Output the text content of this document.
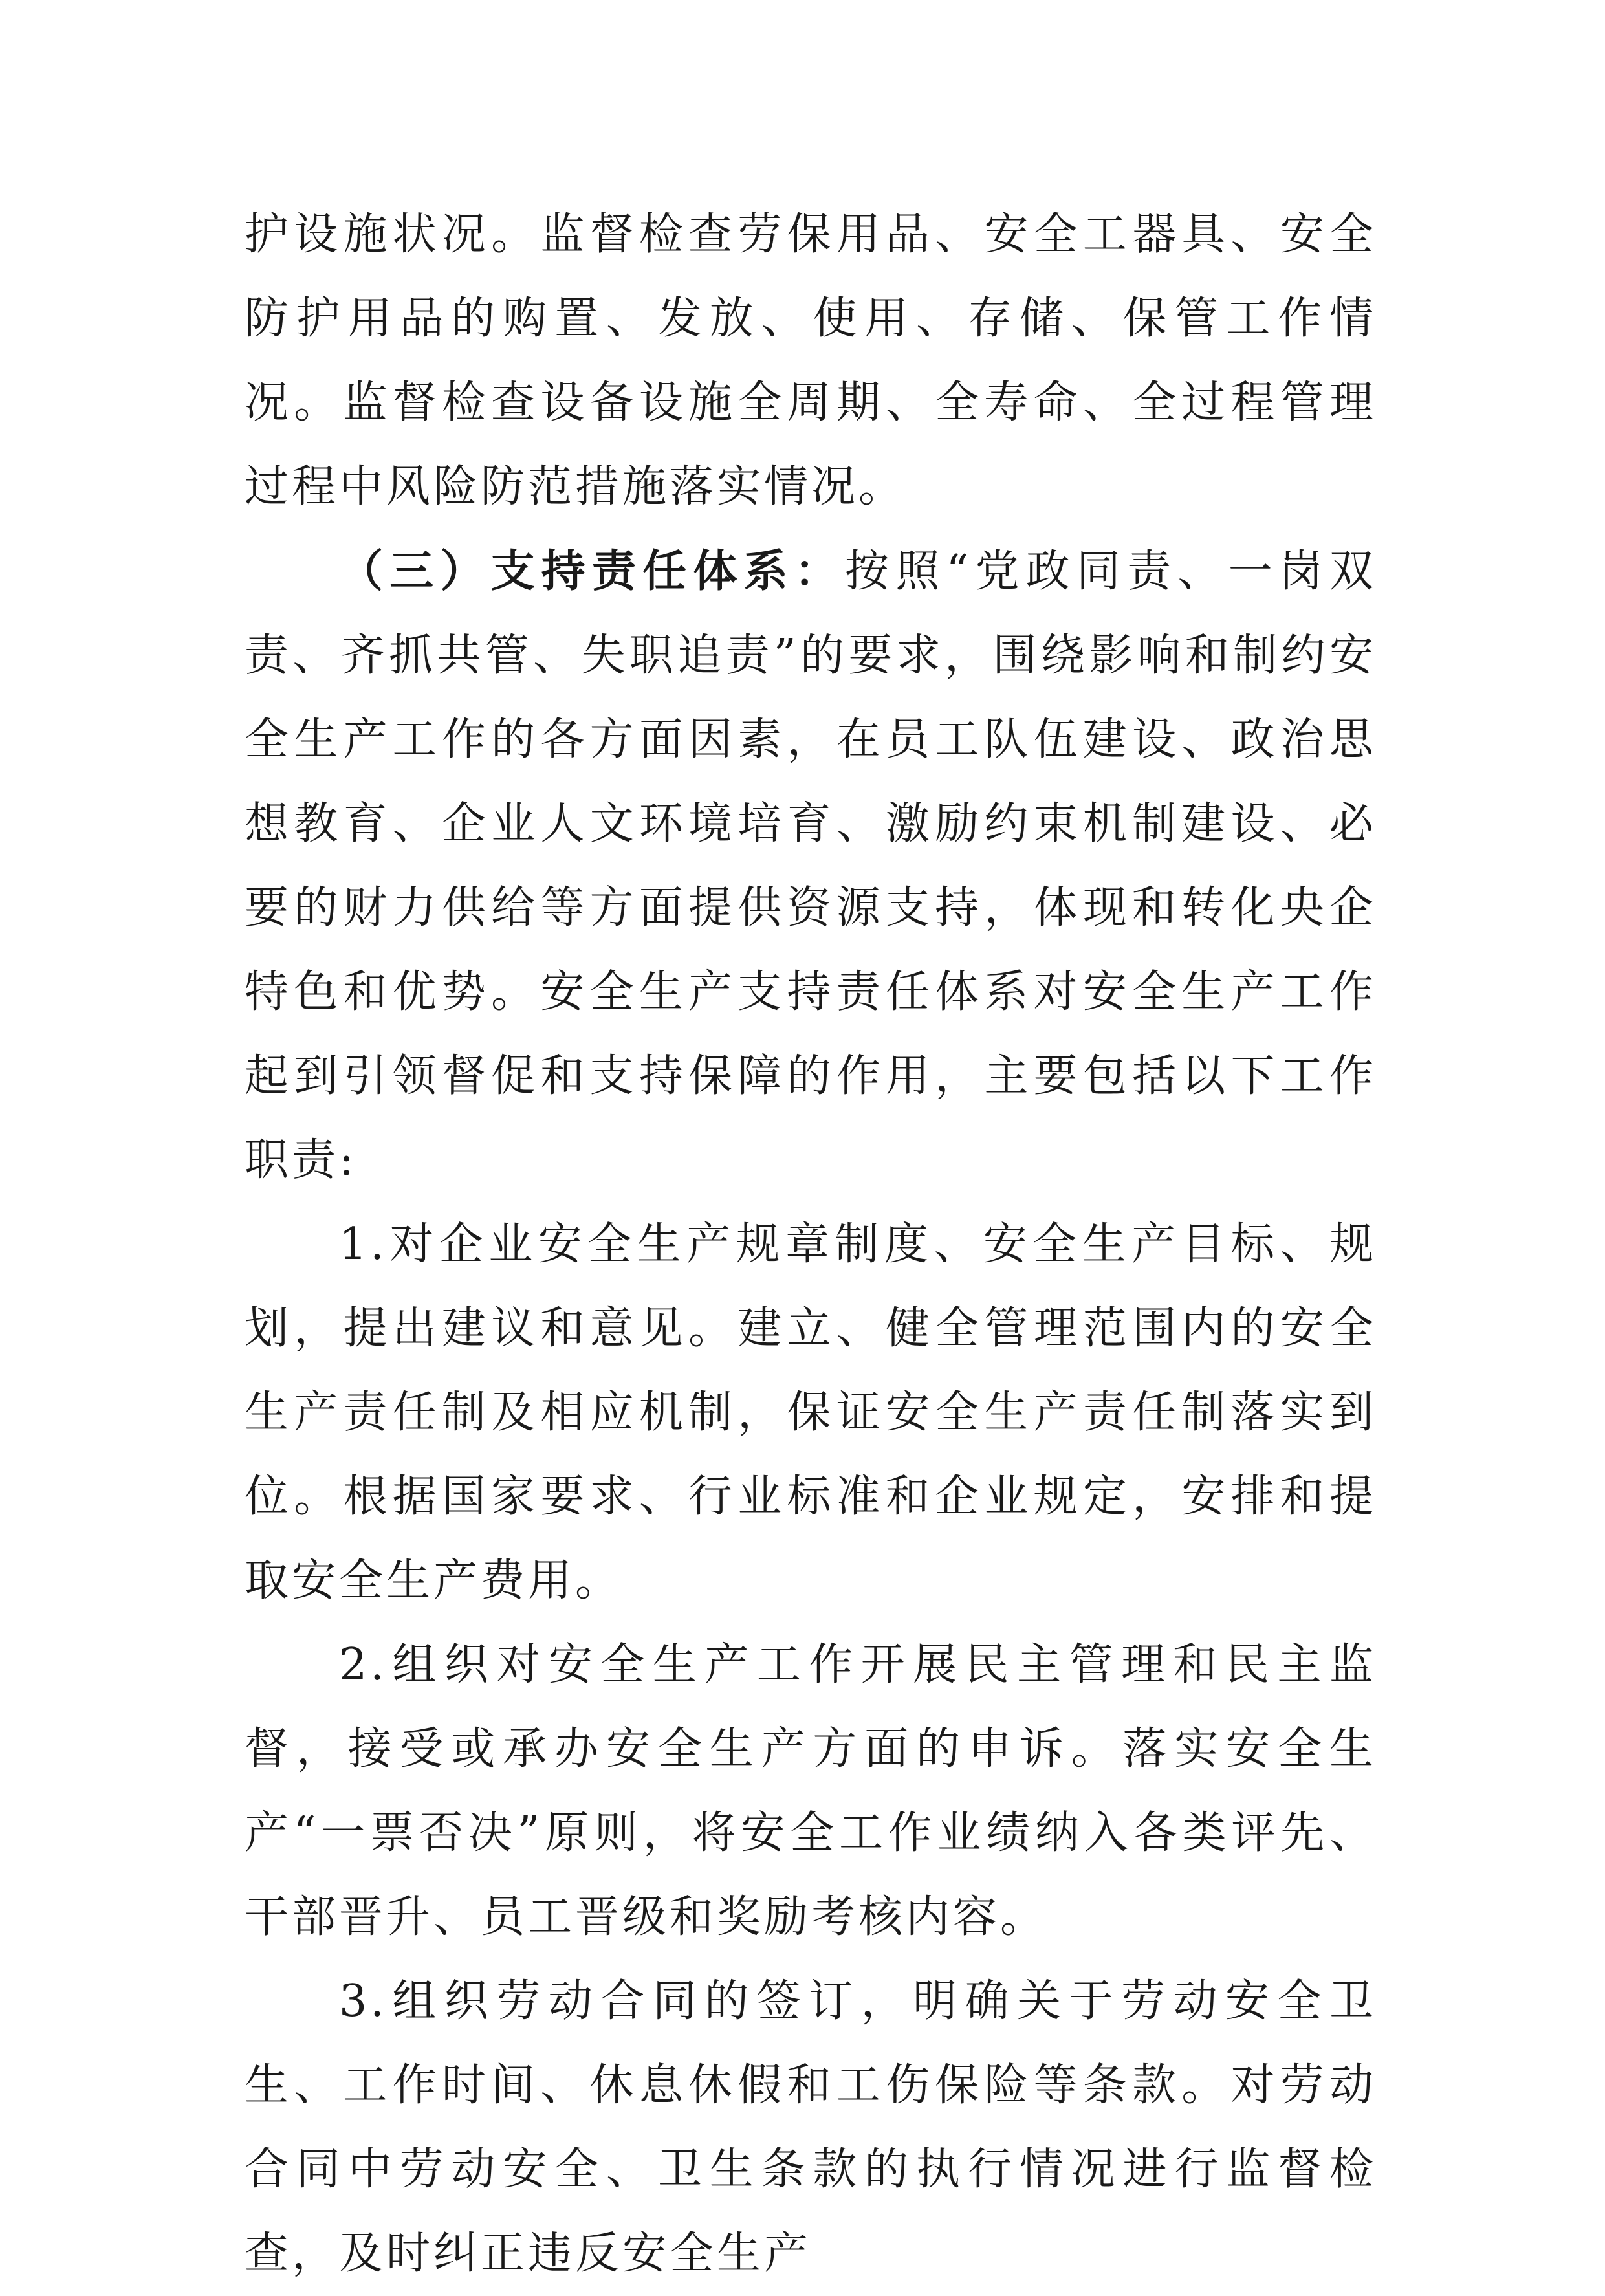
护设施状况。监督检查劳保用品、安全工器具、安全防护用品的购置、发放、使用、存储、保管工作情况。监督检查设备设施全周期、全寿命、全过程管理过程中风险防范措施落实情况。

（三）支持责任体系：按照“党政同责、一岗双责、齐抓共管、失职追责”的要求，围绕影响和制约安全生产工作的各方面因素，在员工队伍建设、政治思想教育、企业人文环境培育、激励约束机制建设、必要的财力供给等方面提供资源支持，体现和转化央企特色和优势。安全生产支持责任体系对安全生产工作起到引领督促和支持保障的作用，主要包括以下工作职责:

1.对企业安全生产规章制度、安全生产目标、规划，提出建议和意见。建立、健全管理范围内的安全生产责任制及相应机制，保证安全生产责任制落实到位。根据国家要求、行业标准和企业规定，安排和提取安全生产费用。

2.组织对安全生产工作开展民主管理和民主监督，接受或承办安全生产方面的申诉。落实安全生产“一票否决”原则，将安全工作业绩纳入各类评先、干部晋升、员工晋级和奖励考核内容。

3.组织劳动合同的签订，明确关于劳动安全卫生、工作时间、休息休假和工伤保险等条款。对劳动合同中劳动安全、卫生条款的执行情况进行监督检查，及时纠正违反安全生产
